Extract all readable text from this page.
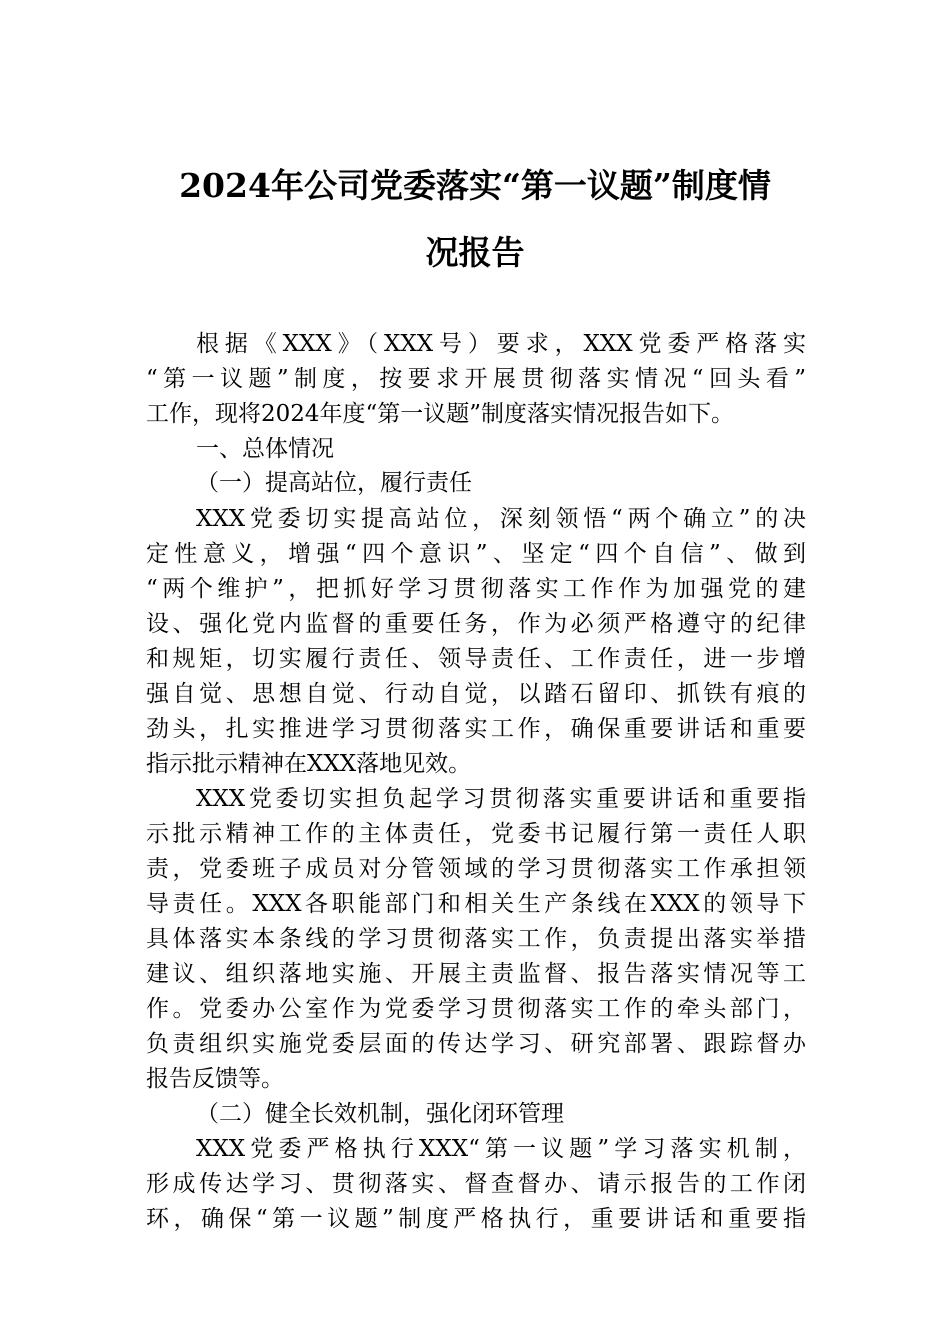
2024年公司党委落实“第一议题”制度情
况报告

根据《XXX》（XXX号）要求，XXX党委严格落实

“第一议题”制度，按要求开展贯彻落实情况“回头看”

工作，现将2024年度“第一议题”制度落实情况报告如下。

一、总体情况

（一）提高站位，履行责任

XXX党委切实提高站位，深刻领悟“两个确立”的决

定性意义，增强“四个意识”、坚定“四个自信”、做到

“两个维护”，把抓好学习贯彻落实工作作为加强党的建

设、强化党内监督的重要任务，作为必须严格遵守的纪律

和规矩，切实履行责任、领导责任、工作责任，进一步增

强自觉、思想自觉、行动自觉，以踏石留印、抓铁有痕的

劲头，扎实推进学习贯彻落实工作，确保重要讲话和重要

指示批示精神在XXX落地见效。

XXX党委切实担负起学习贯彻落实重要讲话和重要指

示批示精神工作的主体责任，党委书记履行第一责任人职

责，党委班子成员对分管领域的学习贯彻落实工作承担领

导责任。XXX各职能部门和相关生产条线在XXX的领导下

具体落实本条线的学习贯彻落实工作，负责提出落实举措

建议、组织落地实施、开展主责监督、报告落实情况等工

作。党委办公室作为党委学习贯彻落实工作的牵头部门，

负责组织实施党委层面的传达学习、研究部署、跟踪督办

报告反馈等。

（二）健全长效机制，强化闭环管理

XXX党委严格执行XXX“第一议题”学习落实机制，

形成传达学习、贯彻落实、督查督办、请示报告的工作闭

环，确保“第一议题”制度严格执行，重要讲话和重要指
